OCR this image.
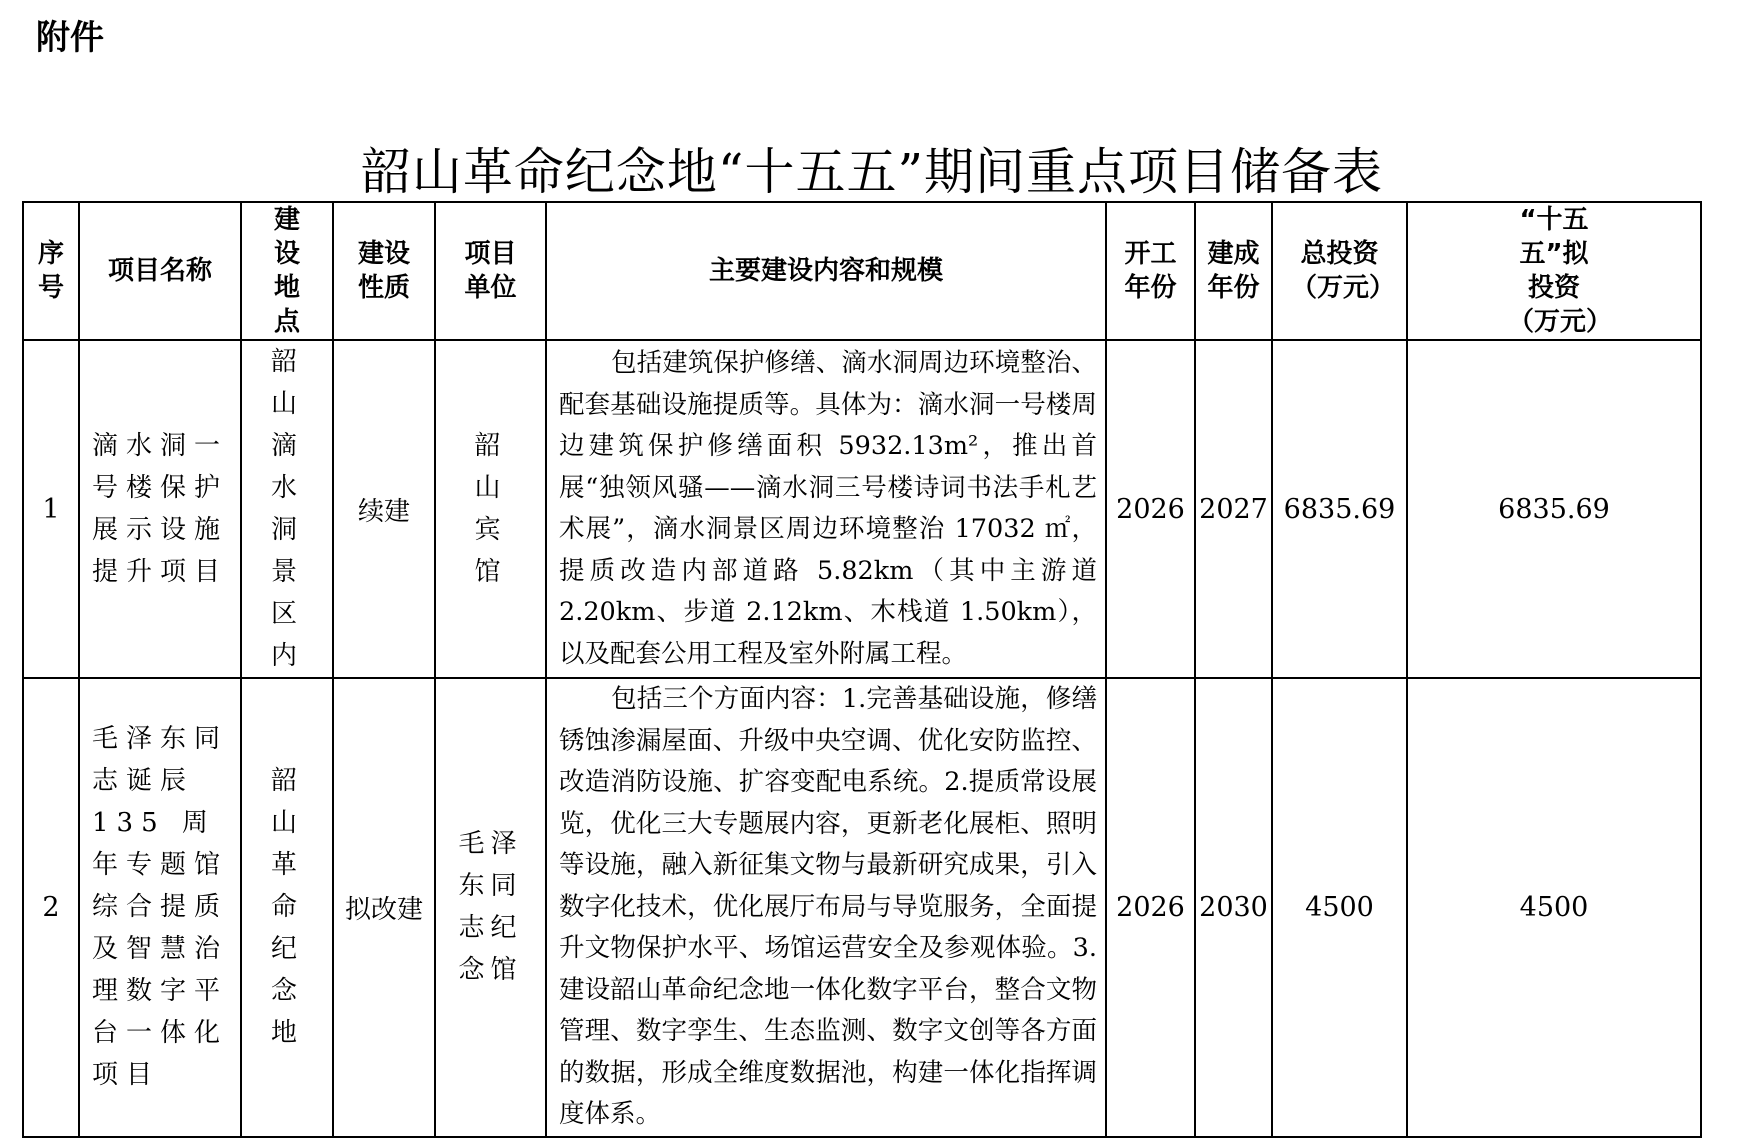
附件
韶山革命纪念地“十五五”期间重点项目储备表
序号	项目名称	建设地点	建设性质	项目单位	主要建设内容和规模	开工年份	建成年份	总投资（万元）	“十五五”拟投资（万元）
1	滴水洞一号楼保护展示设施提升项目	韶山滴水洞景区内	续建	韶山宾馆	包括建筑保护修缮、滴水洞周边环境整治、配套基础设施提质等。具体为：滴水洞一号楼周边建筑保护修缮面积 5932.13m²，推出首展“独领风骚——滴水洞三号楼诗词书法手札艺术展”，滴水洞景区周边环境整治 17032 ㎡，提质改造内部道路 5.82km（其中主游道 2.20km、步道 2.12km、木栈道 1.50km），以及配套公用工程及室外附属工程。	2026	2027	6835.69	6835.69
2	毛泽东同志诞辰 135 周年专题馆综合提质及智慧治理数字平台一体化项目	韶山革命纪念地	拟改建	毛泽东同志纪念馆	包括三个方面内容：1.完善基础设施，修缮锈蚀渗漏屋面、升级中央空调、优化安防监控、改造消防设施、扩容变配电系统。2.提质常设展览，优化三大专题展内容，更新老化展柜、照明等设施，融入新征集文物与最新研究成果，引入数字化技术，优化展厅布局与导览服务，全面提升文物保护水平、场馆运营安全及参观体验。3.建设韶山革命纪念地一体化数字平台，整合文物管理、数字孪生、生态监测、数字文创等各方面的数据，形成全维度数据池，构建一体化指挥调度体系。	2026	2030	4500	4500
